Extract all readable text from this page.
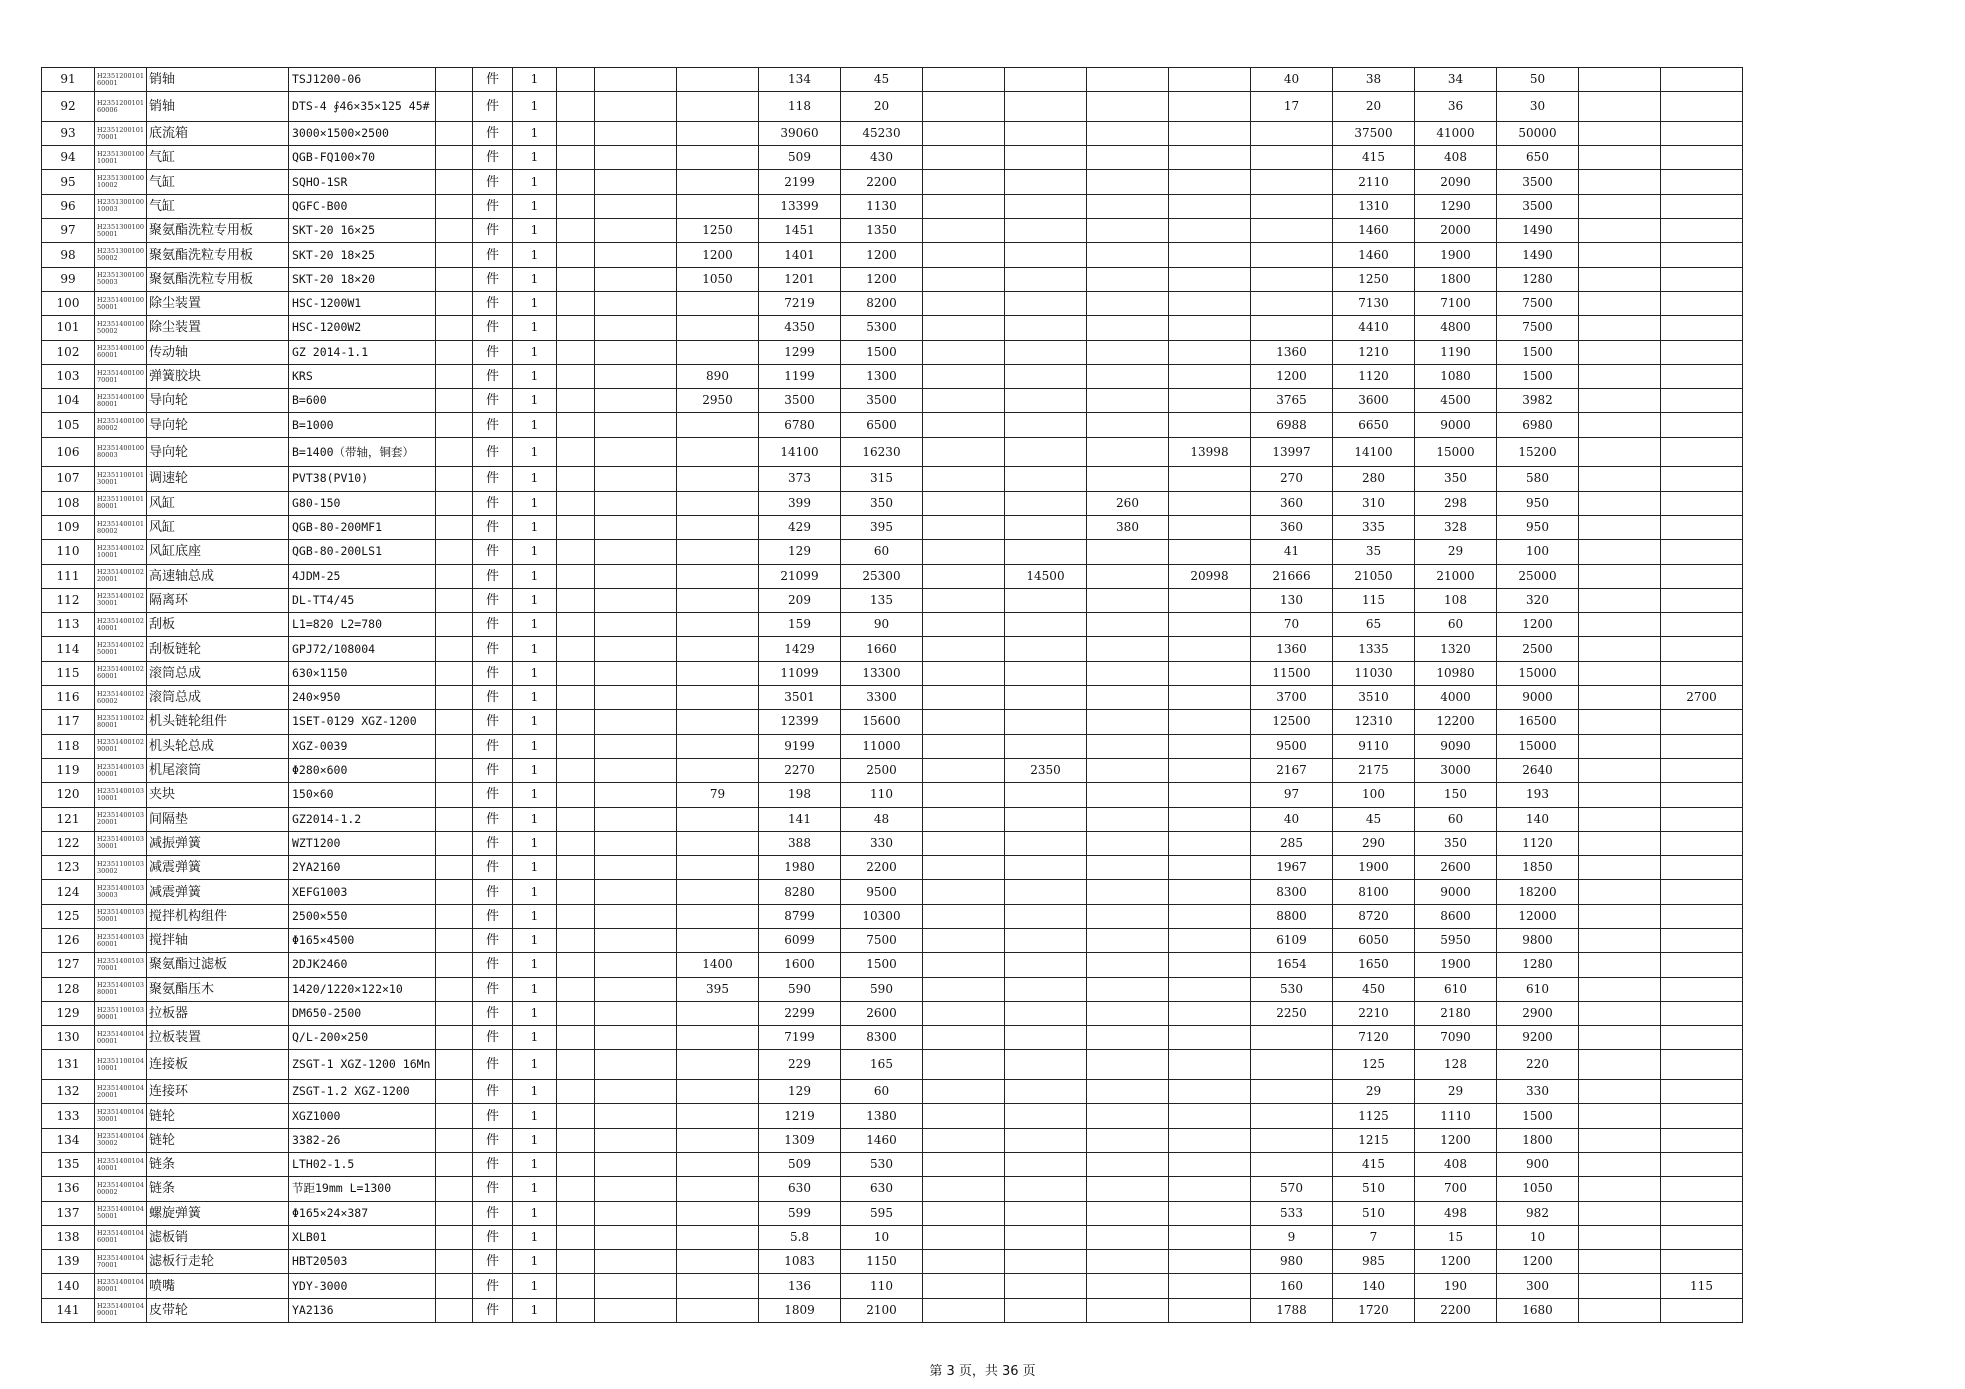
91	H2351200101 60001	销轴	TSJ1200-06		件	1				134	45					40	38	34	50		
92	H2351200101 60006	销轴	DTS-4 ∮46×35×125 45#		件	1				118	20					17	20	36	30		
93	H2351200101 70001	底流箱	3000×1500×2500		件	1				39060	45230						37500	41000	50000		
94	H2351300100 10001	气缸	QGB-FQ100×70		件	1				509	430						415	408	650		
95	H2351300100 10002	气缸	SQHO-1SR		件	1				2199	2200						2110	2090	3500		
96	H2351300100 10003	气缸	QGFC-B00		件	1				13399	1130						1310	1290	3500		
97	H2351300100 50001	聚氨酯洗粒专用板	SKT-20 16×25		件	1			1250	1451	1350						1460	2000	1490		
98	H2351300100 50002	聚氨酯洗粒专用板	SKT-20 18×25		件	1			1200	1401	1200						1460	1900	1490		
99	H2351300100 50003	聚氨酯洗粒专用板	SKT-20 18×20		件	1			1050	1201	1200						1250	1800	1280		
100	H2351400100 50001	除尘装置	HSC-1200W1		件	1				7219	8200						7130	7100	7500		
101	H2351400100 50002	除尘装置	HSC-1200W2		件	1				4350	5300						4410	4800	7500		
102	H2351400100 60001	传动轴	GZ 2014-1.1		件	1				1299	1500					1360	1210	1190	1500		
103	H2351400100 70001	弹簧胶块	KRS		件	1			890	1199	1300					1200	1120	1080	1500		
104	H2351400100 80001	导向轮	B=600		件	1			2950	3500	3500					3765	3600	4500	3982		
105	H2351400100 80002	导向轮	B=1000		件	1				6780	6500					6988	6650	9000	6980		
106	H2351400100 80003	导向轮	B=1400（带轴，铜套）		件	1				14100	16230				13998	13997	14100	15000	15200		
107	H2351100101 30001	调速轮	PVT38(PV10)		件	1				373	315					270	280	350	580		
108	H2351100101 80001	风缸	G80-150		件	1				399	350			260		360	310	298	950		
109	H2351400101 80002	风缸	QGB-80-200MF1		件	1				429	395			380		360	335	328	950		
110	H2351400102 10001	风缸底座	QGB-80-200LS1		件	1				129	60					41	35	29	100		
111	H2351400102 20001	高速轴总成	4JDM-25		件	1				21099	25300		14500		20998	21666	21050	21000	25000		
112	H2351400102 30001	隔离环	DL-TT4/45		件	1				209	135					130	115	108	320		
113	H2351400102 40001	刮板	L1=820 L2=780		件	1				159	90					70	65	60	1200		
114	H2351400102 50001	刮板链轮	GPJ72/108004		件	1				1429	1660					1360	1335	1320	2500		
115	H2351400102 60001	滚筒总成	630×1150		件	1				11099	13300					11500	11030	10980	15000		
116	H2351400102 60002	滚筒总成	240×950		件	1				3501	3300					3700	3510	4000	9000		2700
117	H2351100102 80001	机头链轮组件	1SET-0129 XGZ-1200		件	1				12399	15600					12500	12310	12200	16500		
118	H2351400102 90001	机头轮总成	XGZ-0039		件	1				9199	11000					9500	9110	9090	15000		
119	H2351400103 00001	机尾滚筒	Φ280×600		件	1				2270	2500		2350			2167	2175	3000	2640		
120	H2351400103 10001	夹块	150×60		件	1			79	198	110					97	100	150	193		
121	H2351400103 20001	间隔垫	GZ2014-1.2		件	1				141	48					40	45	60	140		
122	H2351400103 30001	减振弹簧	WZT1200		件	1				388	330					285	290	350	1120		
123	H2351100103 30002	减震弹簧	2YA2160		件	1				1980	2200					1967	1900	2600	1850		
124	H2351400103 30003	减震弹簧	XEFG1003		件	1				8280	9500					8300	8100	9000	18200		
125	H2351400103 50001	搅拌机构组件	2500×550		件	1				8799	10300					8800	8720	8600	12000		
126	H2351400103 60001	搅拌轴	Φ165×4500		件	1				6099	7500					6109	6050	5950	9800		
127	H2351400103 70001	聚氨酯过滤板	2DJK2460		件	1			1400	1600	1500					1654	1650	1900	1280		
128	H2351400103 80001	聚氨酯压木	1420/1220×122×10		件	1			395	590	590					530	450	610	610		
129	H2351100103 90001	拉板器	DM650-2500		件	1				2299	2600					2250	2210	2180	2900		
130	H2351400104 00001	拉板装置	Q/L-200×250		件	1				7199	8300						7120	7090	9200		
131	H2351100104 10001	连接板	ZSGT-1 XGZ-1200 16Mn		件	1				229	165						125	128	220		
132	H2351400104 20001	连接环	ZSGT-1.2 XGZ-1200		件	1				129	60						29	29	330		
133	H2351400104 30001	链轮	XGZ1000		件	1				1219	1380						1125	1110	1500		
134	H2351400104 30002	链轮	3382-26		件	1				1309	1460						1215	1200	1800		
135	H2351400104 40001	链条	LTH02-1.5		件	1				509	530						415	408	900		
136	H2351400104 00002	链条	节距19mm L=1300		件	1				630	630					570	510	700	1050		
137	H2351400104 50001	螺旋弹簧	Φ165×24×387		件	1				599	595					533	510	498	982		
138	H2351400104 60001	滤板销	XLB01		件	1				5.8	10					9	7	15	10		
139	H2351400104 70001	滤板行走轮	HBT20503		件	1				1083	1150					980	985	1200	1200		
140	H2351400104 80001	喷嘴	YDY-3000		件	1				136	110					160	140	190	300		115
141	H2351400104 90001	皮带轮	YA2136		件	1				1809	2100					1788	1720	2200	1680		
第 3 页，共 36 页
